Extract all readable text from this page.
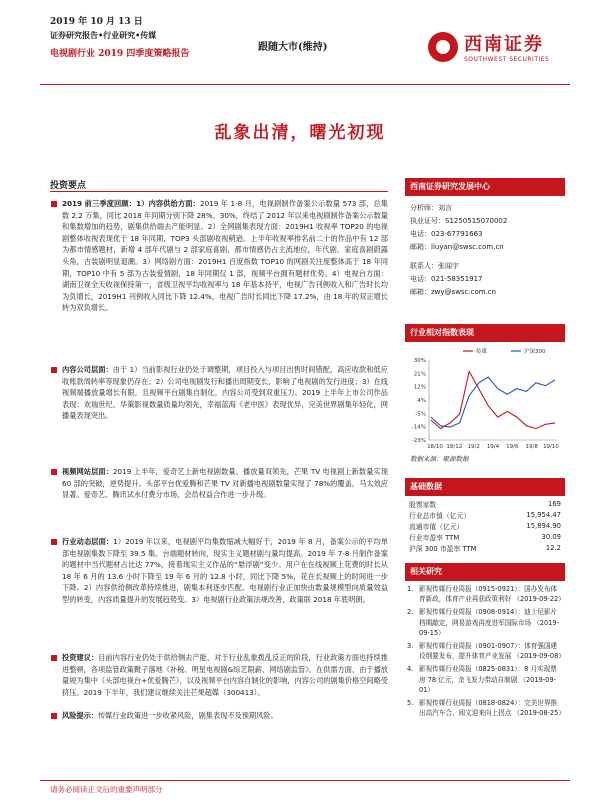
2019 年 10 月 13 日
证券研究报告•行业研究•传媒
电视剧行业 2019 四季度策略报告
跟随大市(维持)	西南证券
SOUTHWEST SECURITIES
乱象出清，曙光初现
投资要点
2019 前三季度回顾：1）内容供给方面：2019 年 1-8 月，电视剧制作备案公示数量 573 部，总集数 2.2 万集，同比 2018 年同期分别下降 28%、30%，终结了 2012 年以来电视剧制作备案公示数量和集数增加的趋势，剧集供给端去产能明显。2）全网剧集表现方面：2019H1 收视率 TOP20 的电视剧整体收视表现优于 18 年同期，TOP3 头部剧收视稍逊。上半年收视率排名前二十的作品中有 12 部为都市情感题材，新增 4 部年代剧与 2 部家庭喜剧，都市情感仍占主流地位，年代剧、家庭喜剧蔚露头角，古装剧明显退潮。3）网络剧方面：2019H1 百度指数 TOP10 的网剧关注度整体高于 18 年同期，TOP10 中有 5 部为古装爱情剧，18 年同期仅 1 部，视频平台拥有题材优势。4）电视台方面：湖南卫视全天收视保持第一，省级卫视平均收视率与 18 年基本持平，电视广告刊例收入和广告时长均为负增长，2019H1 刊例收入同比下降 12.4%，电视广告时长同比下降 17.2%，由 18 年的双正增长转为双负增长。
内容公司层面：由于 1）当前影视行业仍处于调整期，项目投入与项目出售时间错配，高应收款和低应收账款周转率等现象仍存在；2）公司电视剧发行和播出周期变长，影响了电视剧的发行进度；3）在线视频端播放量增长有限，且视频平台剧集自制化，内容公司受到双重压力。2019 上半年上市公司作品表现：欢瑞世纪、华策影视数量质量均领先，幸福蓝海《老中医》表现优异，完美世界剧集年轻化，网播量表现突出。
视频网站层面：2019 上半年，爱奇艺上新电视剧数量、播放量双领先，芒果 TV 电视剧上新数量实现 60 部的突破，逆势提升。头部平台优爱腾和芒果 TV 对新播电视剧数量实现了 78%的覆盖，马太效应显著。爱奇艺、腾讯试水付费分市场，会员权益合作进一步升级。
行业动态层面：1）2019 年以来，电视剧平均集数缩减大幅好于，2019 年 8 月，备案公示的平均单部电视剧集数下降至 39.5 集。台端题材转向，现实主义题材剧与量均提高。2019 年 7-8 月制作备案的题材中当代题材占比达 77%，接着现实主义作品的“悬浮剧”变少。用户在在线视频上花费的时长从 18 年 6 月的 13.6 小时下降至 19 年 6 月的 12.8 小时，同比下降 5%，花在长视频上的时间进一步下降。2）内容供给侧改革持续推进，剧集本利逐步匹配。电视剧行业正加快由数量规模型向质量效益型的转变，内容质量提升的发展趋势变。3）电视剧行业政策法规改善，政策联 2018 年底明朗。
投资建议：目前内容行业仍处于供给侧去产能、对于行业乱象拨乱反正的阶段，行业政策方面也持续推进整顿，各项监管政策靴子落地《补税、明星电视剧&综艺限薪、网络剧监管》。在供需方面，由于播放量规为集中（头部电视台+优爱腾芒），以及视频平台内容自制化的影响，内容公司的剧集价格空间略受挤压。2019 下半年，我们建议继续关注芒果超媒（300413）。
风险提示：传媒行业政策进一步收紧风险，剧集表现不及预期风险。
西南证券研究发展中心
分析师：刘言
执业证号：S1250515070002
电话：023-67791663
邮箱：liuyan@swsc.com.cn
联系人：张闻宇
电话：021-58351917
邮箱：zwy@swsc.com.cn
行业相对指数表现
30%
21%
12%
4%
-5%
-14%
-23%
18/10 18/12 19/2 19/4 19/6 19/8 19/10
传媒	沪深300
数据来源：聚源数据
基础数据
股票家数	169
行业总市值（亿元）	15,954.47
流通市值（亿元）	15,894.90
行业市盈率 TTM	30.09
沪深 300 市盈率 TTM	12.2
相关研究
1. 影视传媒行业周报（0915-0921）：国办发布体育新政，体育产业再获政策利好 （2019-09-22）
2. 影视传媒行业周报（0908-0914）：迪士尼影片档期敲定，网易游戏再度进军国际市场 （2019-09-15）
3. 影视传媒行业周报（0901-0907）：体育强国建设纲要发布，提升体育产业发展 （2019-09-08）
4. 影视传媒行业周报（0825-0831）：8 月实现票房 78 亿元，余飞发力带动自制剧 （2019-09-01）
5. 影视传媒行业周报（0818-0824）：完美世界推出高汽车合，阅文迎来向上拐点 （2019-08-25）
请务必阅读正文后的重要声明部分
